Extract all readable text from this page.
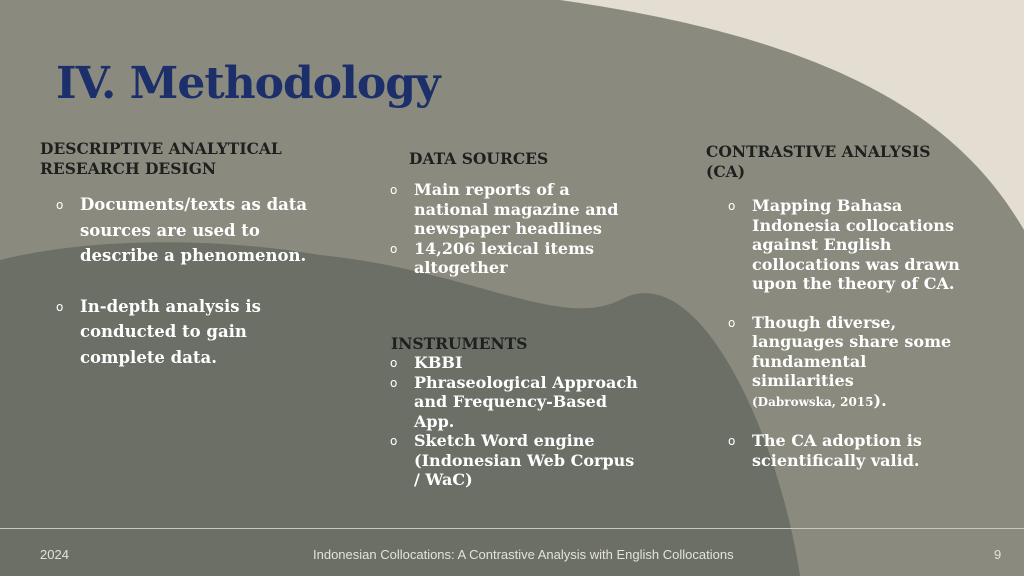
IV. Methodology
DESCRIPTIVE ANALYTICAL
RESEARCH DESIGN
o Documents/texts as data sources are used to describe a phenomenon.
o In-depth analysis is conducted to gain complete data.
DATA SOURCES
o Main reports of a national magazine and newspaper headlines
o 14,206 lexical items altogether
INSTRUMENTS
o KBBI
o Phraseological Approach and Frequency-Based App.
o Sketch Word engine (Indonesian Web Corpus / WaC)
CONTRASTIVE ANALYSIS
(CA)
o Mapping Bahasa Indonesia collocations against English collocations was drawn upon the theory of CA.
o Though diverse, languages share some fundamental similarities
(Dabrowska, 2015).
o The CA adoption is scientifically valid.

2024	Indonesian Collocations: A Contrastive Analysis with English Collocations	9
